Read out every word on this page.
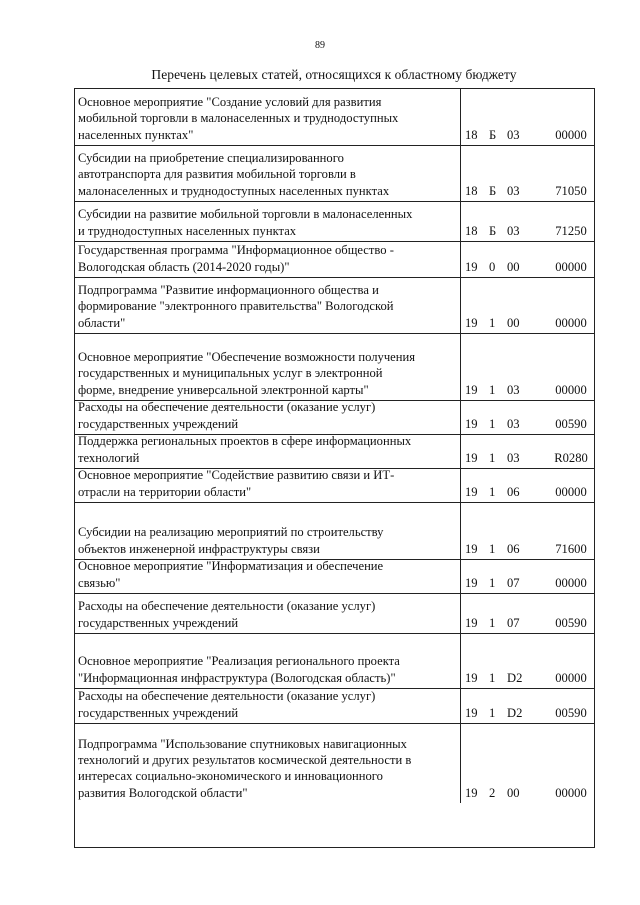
89
Перечень целевых статей, относящихся к областному бюджету
Основное мероприятие "Создание условий для развития
мобильной торговли в малонаселенных и труднодоступных
населенных пунктах"	18 Б 03	00000
Субсидии на приобретение специализированного
автотранспорта для развития мобильной торговли в
малонаселенных и труднодоступных населенных пунктах	18 Б 03	71050
Субсидии на развитие мобильной торговли в малонаселенных
и труднодоступных населенных пунктах	18 Б 03	71250
Государственная программа "Информационное общество -
Вологодская область (2014-2020 годы)"	19 0 00	00000
Подпрограмма "Развитие информационного общества и
формирование "электронного правительства" Вологодской
области"	19 1 00	00000
Основное мероприятие "Обеспечение возможности получения
государственных и муниципальных услуг в электронной
форме, внедрение универсальной электронной карты"	19 1 03	00000
Расходы на обеспечение деятельности (оказание услуг)
государственных учреждений	19 1 03	00590
Поддержка региональных проектов в сфере информационных
технологий	19 1 03	R0280
Основное мероприятие "Содействие развитию связи и ИТ-
отрасли на территории области"	19 1 06	00000
Субсидии на реализацию мероприятий по строительству
объектов инженерной инфраструктуры связи	19 1 06	71600
Основное мероприятие "Информатизация и обеспечение
связью"	19 1 07	00000
Расходы на обеспечение деятельности (оказание услуг)
государственных учреждений	19 1 07	00590
Основное мероприятие "Реализация регионального проекта
"Информационная инфраструктура (Вологодская область)"	19 1 D2	00000
Расходы на обеспечение деятельности (оказание услуг)
государственных учреждений	19 1 D2	00590
Подпрограмма "Использование спутниковых навигационных
технологий и других результатов космической деятельности в
интересах социально-экономического и инновационного
развития Вологодской области"	19 2 00	00000
